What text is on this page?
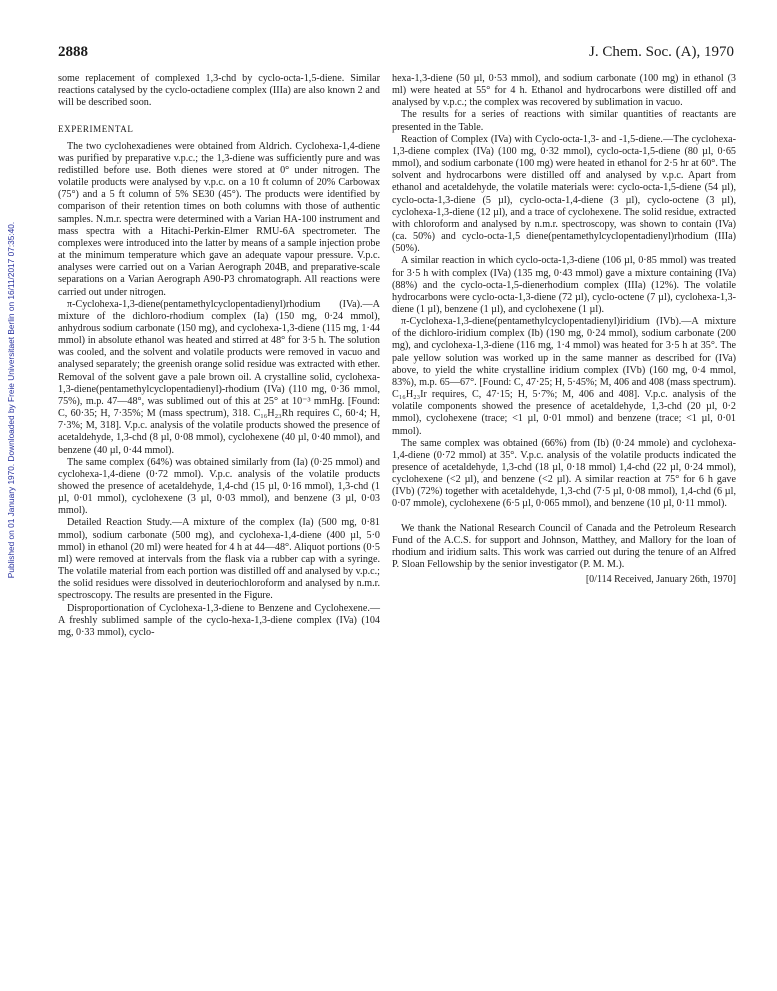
Published on 01 January 1970. Downloaded by Freie Universitaet Berlin on 16/11/2017 07:35:40.
2888	J. Chem. Soc. (A), 1970

some replacement of complexed 1,3-chd by cyclo-octa-1,5-diene. Similar reactions catalysed by the cyclo-octadiene complex (IIIa) are also known 2 and will be described soon.

EXPERIMENTAL

The two cyclohexadienes were obtained from Aldrich. Cyclohexa-1,4-diene was purified by preparative v.p.c.; the 1,3-diene was sufficiently pure and was redistilled before use. Both dienes were stored at 0° under nitrogen. The volatile products were analysed by v.p.c. on a 10 ft column of 20% Carbowax (75°) and a 5 ft column of 5% SE30 (45°). The products were identified by comparison of their retention times on both columns with those of authentic samples. N.m.r. spectra were determined with a Varian HA-100 instrument and mass spectra with a Hitachi-Perkin-Elmer RMU-6A spectrometer. The complexes were introduced into the latter by means of a sample injection probe at the minimum temperature which gave an adequate vapour pressure. V.p.c. analyses were carried out on a Varian Aerograph 204B, and preparative-scale separations on a Varian Aerograph A90-P3 chromatograph. All reactions were carried out under nitrogen.

π-Cyclohexa-1,3-diene(pentamethylcyclopentadienyl)rhodium (IVa).—A mixture of the dichloro-rhodium complex (Ia) (150 mg, 0·24 mmol), anhydrous sodium carbonate (150 mg), and cyclohexa-1,3-diene (115 mg, 1·44 mmol) in absolute ethanol was heated and stirred at 48° for 3·5 h. The solution was cooled, and the solvent and volatile products were removed in vacuo and analysed separately; the greenish orange solid residue was extracted with ether. Removal of the solvent gave a pale brown oil. A crystalline solid, cyclohexa-1,3-diene(pentamethylcyclopentadienyl)-rhodium (IVa) (110 mg, 0·36 mmol, 75%), m.p. 47—48°, was sublimed out of this at 25° at 10⁻³ mmHg. [Found: C, 60·35; H, 7·35%; M (mass spectrum), 318. C₁₆H₂₃Rh requires C, 60·4; H, 7·3%; M, 318]. V.p.c. analysis of the volatile products showed the presence of acetaldehyde, 1,3-chd (8 µl, 0·08 mmol), cyclohexene (40 µl, 0·40 mmol), and benzene (40 µl, 0·44 mmol).

The same complex (64%) was obtained similarly from (Ia) (0·25 mmol) and cyclohexa-1,4-diene (0·72 mmol). V.p.c. analysis of the volatile products showed the presence of acetaldehyde, 1,4-chd (15 µl, 0·16 mmol), 1,3-chd (1 µl, 0·01 mmol), cyclohexene (3 µl, 0·03 mmol), and benzene (3 µl, 0·03 mmol).

Detailed Reaction Study.—A mixture of the complex (Ia) (500 mg, 0·81 mmol), sodium carbonate (500 mg), and cyclohexa-1,4-diene (400 µl, 5·0 mmol) in ethanol (20 ml) were heated for 4 h at 44—48°. Aliquot portions (0·5 ml) were removed at intervals from the flask via a rubber cap with a syringe. The volatile material from each portion was distilled off and analysed by v.p.c.; the solid residues were dissolved in deuteriochloroform and analysed by n.m.r. spectroscopy. The results are presented in the Figure.

Disproportionation of Cyclohexa-1,3-diene to Benzene and Cyclohexene.—A freshly sublimed sample of the cyclo-hexa-1,3-diene complex (IVa) (104 mg, 0·33 mmol), cyclo-

hexa-1,3-diene (50 µl, 0·53 mmol), and sodium carbonate (100 mg) in ethanol (3 ml) were heated at 55° for 4 h. Ethanol and hydrocarbons were distilled off and analysed by v.p.c.; the complex was recovered by sublimation in vacuo.

The results for a series of reactions with similar quantities of reactants are presented in the Table.

Reaction of Complex (IVa) with Cyclo-octa-1,3- and -1,5-diene.—The cyclohexa-1,3-diene complex (IVa) (100 mg, 0·32 mmol), cyclo-octa-1,5-diene (80 µl, 0·65 mmol), and sodium carbonate (100 mg) were heated in ethanol for 2·5 hr at 60°. The solvent and hydrocarbons were distilled off and analysed by v.p.c. Apart from ethanol and acetaldehyde, the volatile materials were: cyclo-octa-1,5-diene (54 µl), cyclo-octa-1,3-diene (5 µl), cyclo-octa-1,4-diene (3 µl), cyclo-octene (3 µl), cyclohexa-1,3-diene (12 µl), and a trace of cyclohexene. The solid residue, extracted with chloroform and analysed by n.m.r. spectroscopy, was shown to contain (IVa) (ca. 50%) and cyclo-octa-1,5 diene(pentamethylcyclopentadienyl)rhodium (IIIa) (50%).

A similar reaction in which cyclo-octa-1,3-diene (106 µl, 0·85 mmol) was treated for 3·5 h with complex (IVa) (135 mg, 0·43 mmol) gave a mixture containing (IVa) (88%) and the cyclo-octa-1,5-dienerhodium complex (IIIa) (12%). The volatile hydrocarbons were cyclo-octa-1,3-diene (72 µl), cyclo-octene (7 µl), cyclohexa-1,3-diene (1 µl), benzene (1 µl), and cyclohexene (1 µl).

π-Cyclohexa-1,3-diene(pentamethylcyclopentadienyl)iridium (IVb).—A mixture of the dichloro-iridium complex (Ib) (190 mg, 0·24 mmol), sodium carbonate (200 mg), and cyclohexa-1,3-diene (116 mg, 1·4 mmol) was heated for 3·5 h at 35°. The pale yellow solution was worked up in the same manner as described for (IVa) above, to yield the white crystalline iridium complex (IVb) (160 mg, 0·4 mmol, 83%), m.p. 65—67°. [Found: C, 47·25; H, 5·45%; M, 406 and 408 (mass spectrum). C₁₆H₂₃Ir requires, C, 47·15; H, 5·7%; M, 406 and 408]. V.p.c. analysis of the volatile components showed the presence of acetaldehyde, 1,3-chd (20 µl, 0·2 mmol), cyclohexene (trace; <1 µl, 0·01 mmol) and benzene (trace; <1 µl, 0·01 mmol).

The same complex was obtained (66%) from (Ib) (0·24 mmole) and cyclohexa-1,4-diene (0·72 mmol) at 35°. V.p.c. analysis of the volatile products indicated the presence of acetaldehyde, 1,3-chd (18 µl, 0·18 mmol) 1,4-chd (22 µl, 0·24 mmol), cyclohexene (<2 µl), and benzene (<2 µl). A similar reaction at 75° for 6 h gave (IVb) (72%) together with acetaldehyde, 1,3-chd (7·5 µl, 0·08 mmol), 1,4-chd (6 µl, 0·07 mmole), cyclohexene (6·5 µl, 0·065 mmol), and benzene (10 µl, 0·11 mmol).

We thank the National Research Council of Canada and the Petroleum Research Fund of the A.C.S. for support and Johnson, Matthey, and Mallory for the loan of rhodium and iridium salts. This work was carried out during the tenure of an Alfred P. Sloan Fellowship by the senior investigator (P. M. M.).

[0/114 Received, January 26th, 1970]
